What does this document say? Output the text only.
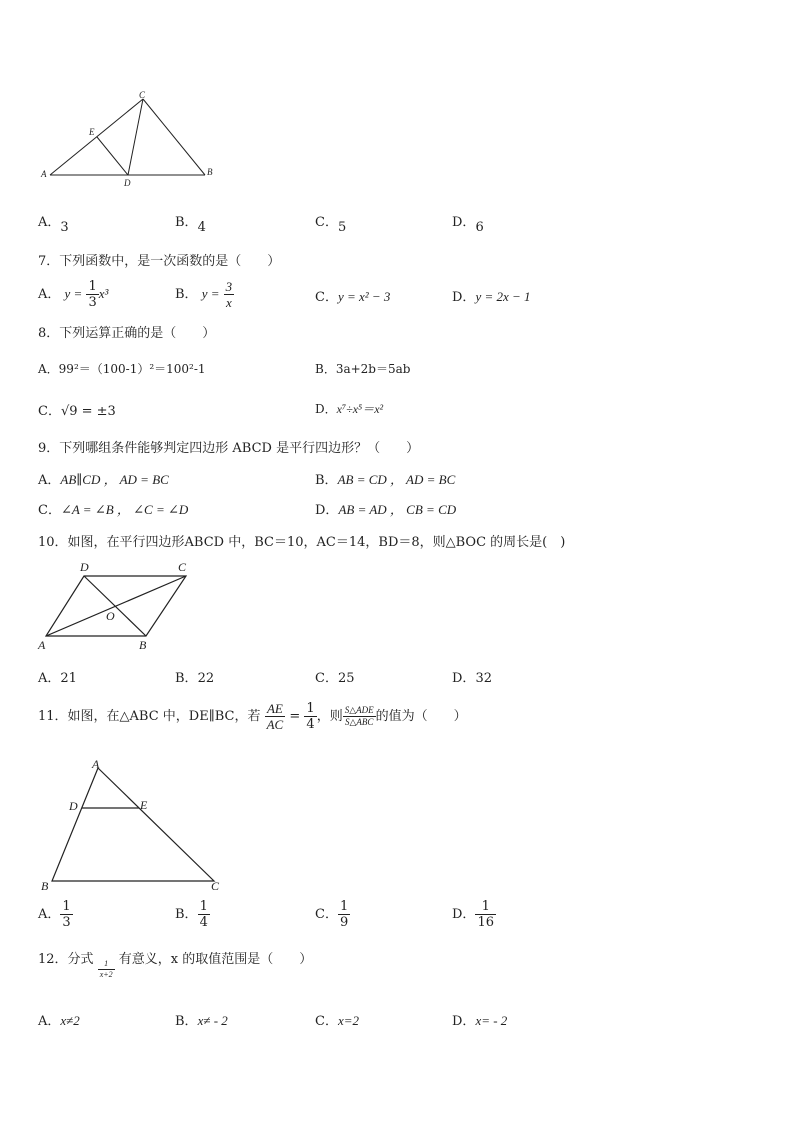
A	B
C
D
E
A．3	B．4	C．5	D．6
7．下列函数中，是一次函数的是（　　）
A． $y = \frac{1}{3} x^3$	B． $y = \frac{3}{x}$	C．y = x² − 3	D．y = 2x − 1
8．下列运算正确的是（　　）
A．99²＝（100-1）²＝100²-1	B．3a+2b＝5ab
C．√9 = ±3	D．x⁷÷x⁵＝x²
9．下列哪组条件能够判定四边形 ABCD 是平行四边形？（　　）
A．AB∥CD ， AD = BC	B．AB = CD ， AD = BC
C．∠A = ∠B ， ∠C = ∠D	D．AB = AD ， CB = CD
10．如图，在平行四边形ABCD 中，BC＝10，AC＝14，BD＝8，则△BOC 的周长是(　)
D	C
A	B
O
A．21	B．22	C．25	D．32
11．如图，在△ABC 中，DE∥BC，若 $\frac{AE}{AC} = \frac{1}{4}$ ，则 $\frac{\text{S△ADE}}{\text{S△ABC}}$ 的值为（　　）
A
D	E
B	C
A． $\frac{1}{3}$	B． $\frac{1}{4}$	C． $\frac{1}{9}$	D． $\frac{1}{16}$
12．分式
$\frac{1}{x+2}$
有意义，x 的取值范围是（　　）
A．x≠2	B．x≠ - 2	C．x=2	D．x= - 2
